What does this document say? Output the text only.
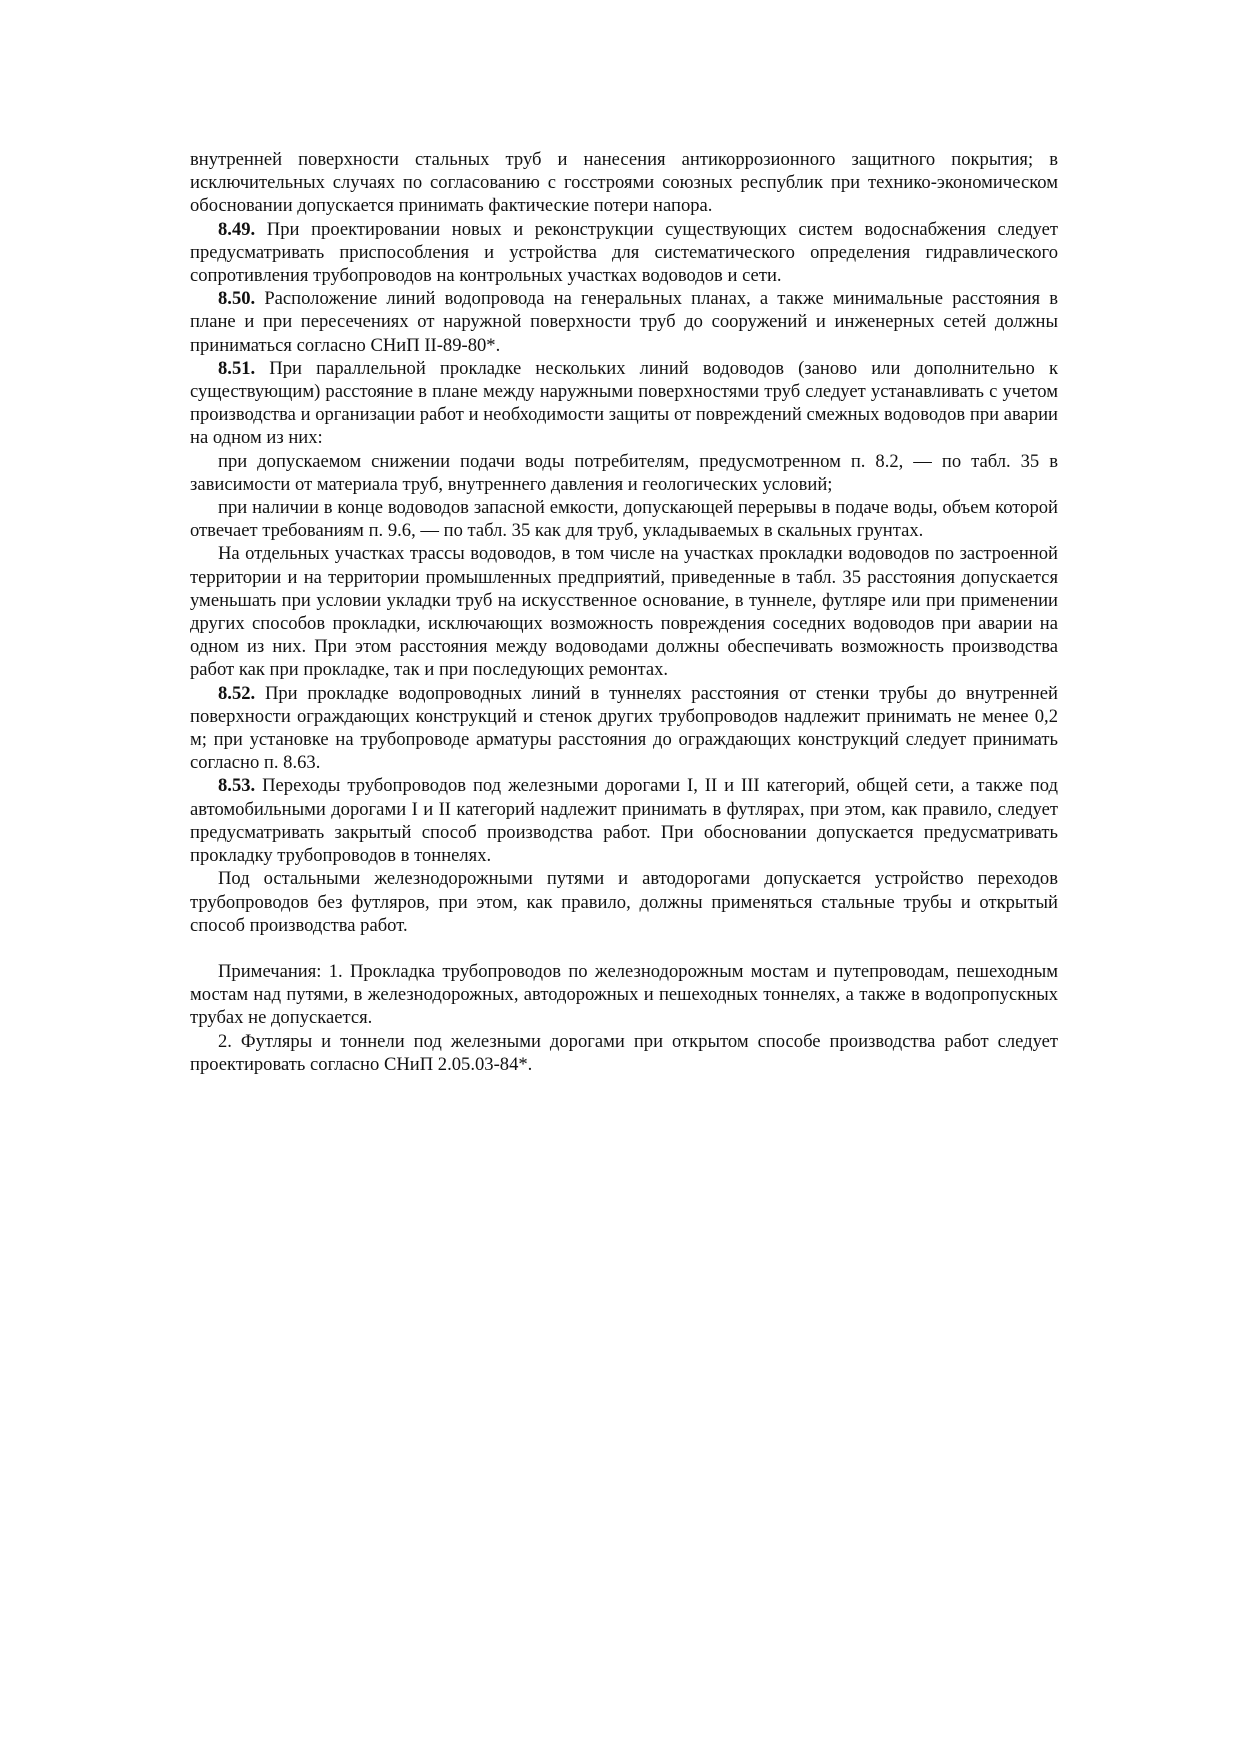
внутренней поверхности стальных труб и нанесения антикоррозионного защитного покрытия; в исключительных случаях по согласованию с госстроями союзных республик при технико-экономическом обосновании допускается принимать фактические потери напора.

8.49. При проектировании новых и реконструкции существующих систем водоснабжения следует предусматривать приспособления и устройства для систематического определения гидравлического сопротивления трубопроводов на контрольных участках водоводов и сети.

8.50. Расположение линий водопровода на генеральных планах, а также минимальные расстояния в плане и при пересечениях от наружной поверхности труб до сооружений и инженерных сетей должны приниматься согласно СНиП II-89-80*.

8.51. При параллельной прокладке нескольких линий водоводов (заново или дополнительно к существующим) расстояние в плане между наружными поверхностями труб следует устанавливать с учетом производства и организации работ и необходимости защиты от повреждений смежных водоводов при аварии на одном из них:

при допускаемом снижении подачи воды потребителям, предусмотренном п. 8.2, — по табл. 35 в зависимости от материала труб, внутреннего давления и геологических условий;

при наличии в конце водоводов запасной емкости, допускающей перерывы в подаче воды, объем которой отвечает требованиям п. 9.6, — по табл. 35 как для труб, укладываемых в скальных грунтах.

На отдельных участках трассы водоводов, в том числе на участках прокладки водоводов по застроенной территории и на территории промышленных предприятий, приведенные в табл. 35 расстояния допускается уменьшать при условии укладки труб на искусственное основание, в туннеле, футляре или при применении других способов прокладки, исключающих возможность повреждения соседних водоводов при аварии на одном из них. При этом расстояния между водоводами должны обеспечивать возможность производства работ как при прокладке, так и при последующих ремонтах.

8.52. При прокладке водопроводных линий в туннелях расстояния от стенки трубы до внутренней поверхности ограждающих конструкций и стенок других трубопроводов надлежит принимать не менее 0,2 м; при установке на трубопроводе арматуры расстояния до ограждающих конструкций следует принимать согласно п. 8.63.

8.53. Переходы трубопроводов под железными дорогами I, II и III категорий, общей сети, а также под автомобильными дорогами I и II категорий надлежит принимать в футлярах, при этом, как правило, следует предусматривать закрытый способ производства работ. При обосновании допускается предусматривать прокладку трубопроводов в тоннелях.

Под остальными железнодорожными путями и автодорогами допускается устройство переходов трубопроводов без футляров, при этом, как правило, должны применяться стальные трубы и открытый способ производства работ.

Примечания: 1. Прокладка трубопроводов по железнодорожным мостам и путепроводам, пешеходным мостам над путями, в железнодорожных, автодорожных и пешеходных тоннелях, а также в водопропускных трубах не допускается.

2. Футляры и тоннели под железными дорогами при открытом способе производства работ следует проектировать согласно СНиП 2.05.03-84*.
